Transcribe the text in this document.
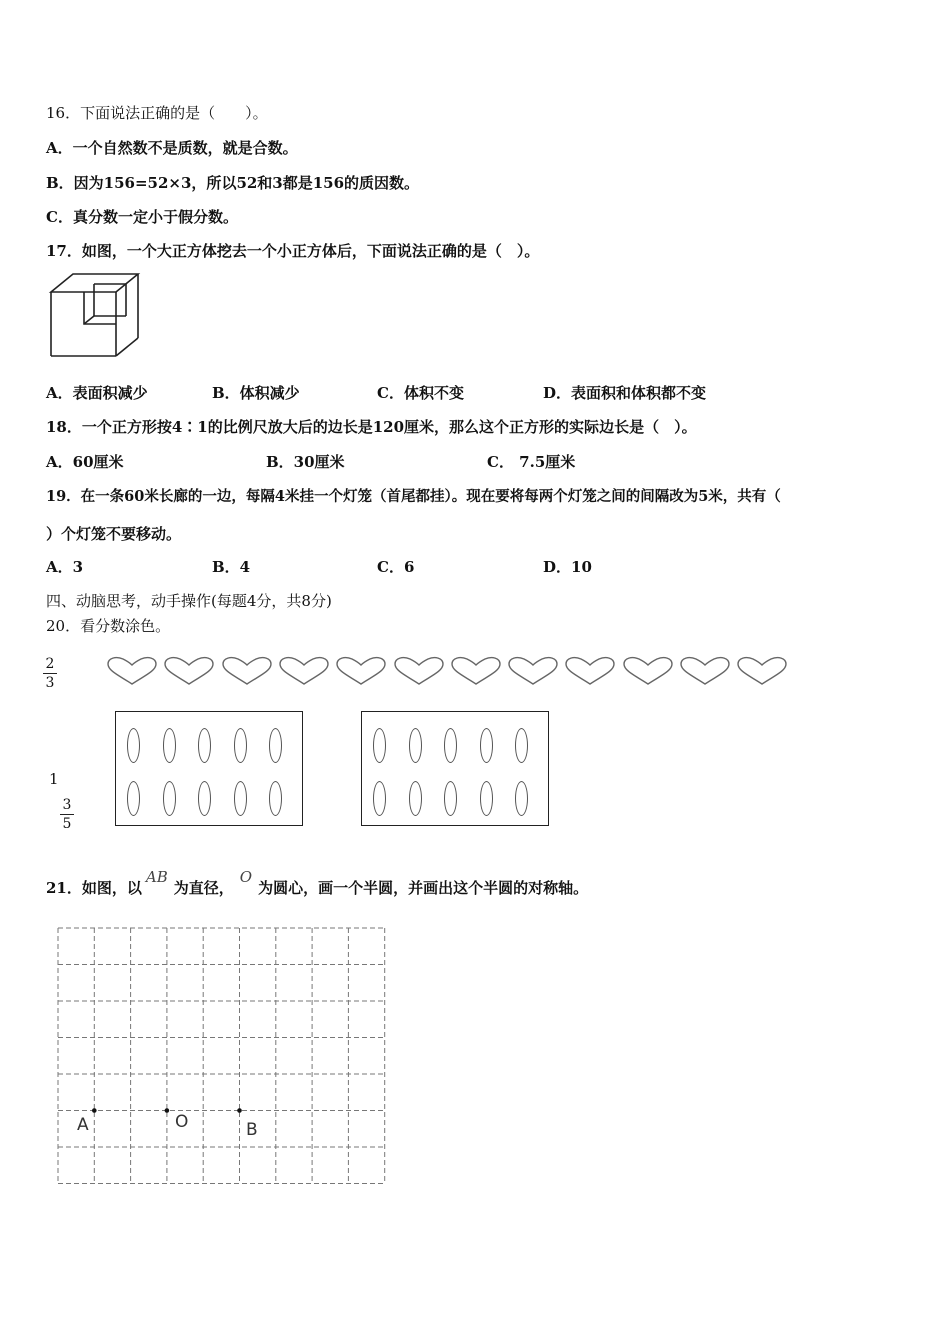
16．下面说法正确的是（　　）。
A．一个自然数不是质数，就是合数。
B．因为156=52×3，所以52和3都是156的质因数。
C．真分数一定小于假分数。
17．如图，一个大正方体挖去一个小正方体后，下面说法正确的是（　）。
A．表面积减少	B．体积减少	C．体积不变	D．表面积和体积都不变
18．一个正方形按4∶1的比例尺放大后的边长是120厘米，那么这个正方形的实际边长是（　）。
A．60厘米	B．30厘米	C． 7.5厘米
19．在一条60米长廊的一边，每隔4米挂一个灯笼（首尾都挂）。现在要将每两个灯笼之间的间隔改为5米，共有（
）个灯笼不要移动。
A．3	B．4	C．6	D．10
四、动脑思考，动手操作(每题4分，共8分)
20．看分数涂色。
2
3
1
3
5
21．如图，以AB为直径，O为圆心，画一个半圆，并画出这个半圆的对称轴。
A	O	B
